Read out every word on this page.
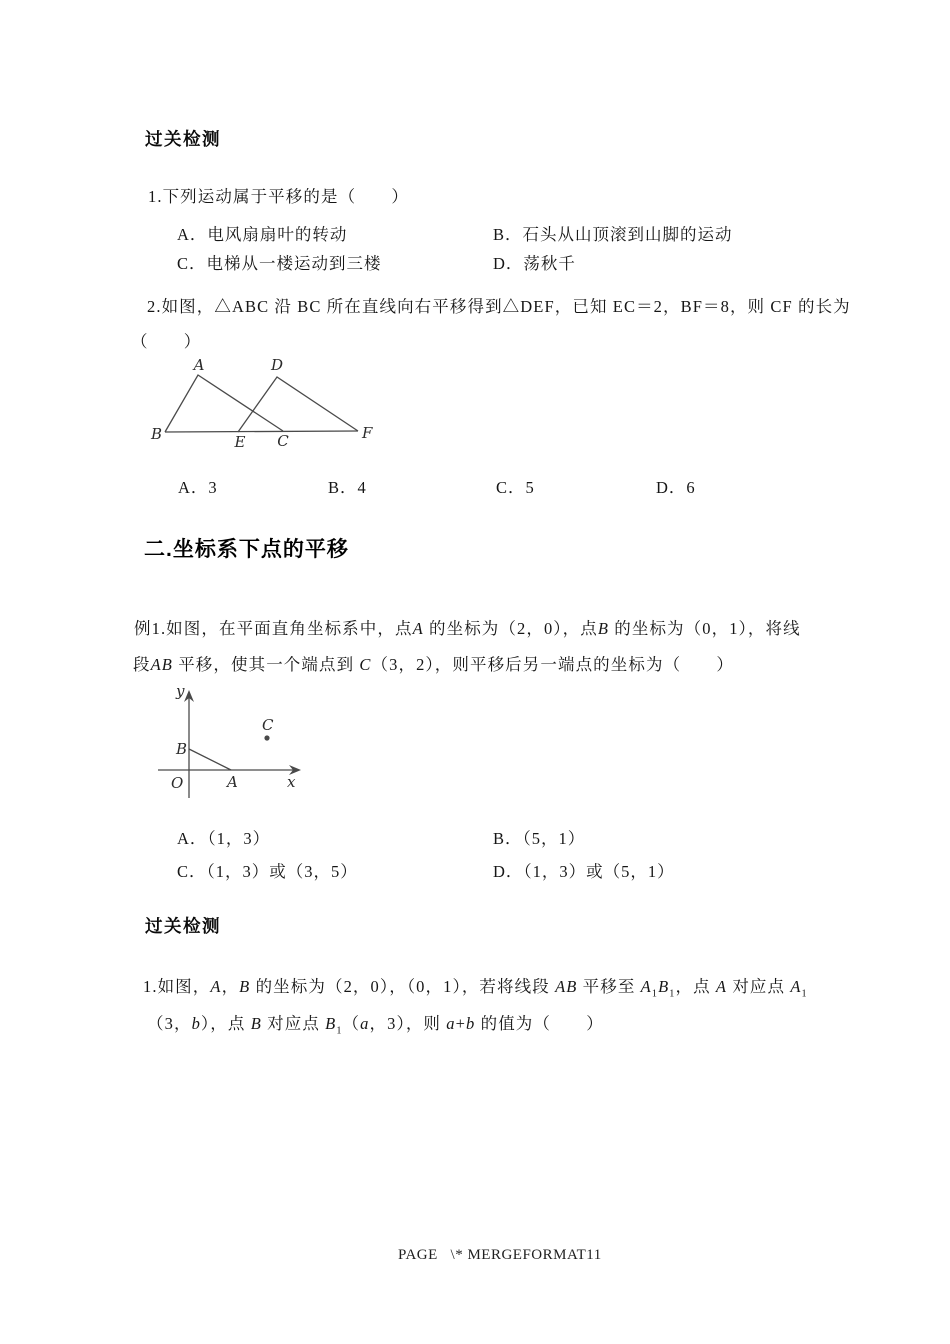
过关检测
1.下列运动属于平移的是（　　）
A．电风扇扇叶的转动	B．石头从山顶滚到山脚的运动
C．电梯从一楼运动到三楼	D．荡秋千
2.如图，△ABC 沿 BC 所在直线向右平移得到△DEF，已知 EC＝2，BF＝8，则 CF 的长为
（　　）
A	D
B	E C	F
A．3	B．4	C．5	D．6
二.坐标系下点的平移
例1.如图，在平面直角坐标系中，点A 的坐标为（2，0），点B 的坐标为（0，1），将线
段AB 平移，使其一个端点到 C（3，2），则平移后另一端点的坐标为（　　）
y
C
B
O	A	x
A．（1，3）	B．（5，1）
C．（1，3）或（3，5）	D．（1，3）或（5，1）
过关检测
1.如图，A，B 的坐标为（2，0），（0，1），若将线段 AB 平移至 $A_1B_1$，点 A 对应点 $A_1$
（3，b），点 B 对应点 $B_1(a$，3），则 a+b 的值为（　　）
PAGE   \* MERGEFORMAT11
